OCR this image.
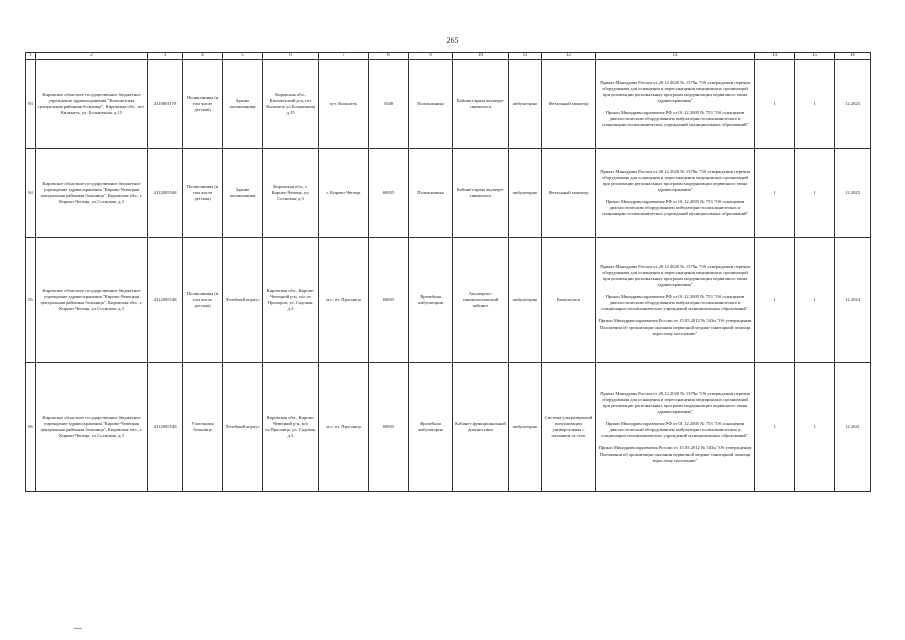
265
1	2	3	4	5	6	7	8	9	10	11	12	13	14	15	16
83	Кировское областное государственное бюджетное учреждение здравоохранения "Кильмезская центральная районная больница", Кировская обл., пгт. Кильмезь, ул. Больничная, д.15	4319001178	Поликлиника (в том числе детская)	Здание поликлиники	Кировская обл., Кильмезский р-н, пгт Кильмезь ул Больничная д.15	пгт. Кильмезь	5048	Поликлиника	Кабинет врача акушера-гинеколога	амбулаторно	Фетальный монитор	Приказ Минздрава России от 28.12.2020 № 1379н "Об утверждении перечня оборудования для оснащения и переоснащения медицинских организаций при реализации региональных программ модернизации первичного звена здравоохранения"
Приказ Минздравсоцразвития РФ от 01.12.2005 № 753 "Об оснащении диагностическим оборудованием амбулаторно-поликлинических и стационарно-поликлинических учреждений муниципальных образований"	1	1	12.2023
84	Кировское областное государственное бюджетное учреждение здравоохранения "Кирово-Чепецкая центральная районная больница", Кировская обл., г. Кирово-Чепецк, ул.Сосновая, д.3	4312005548	Поликлиника (в том числе детская)	Здание поликлиники	Кировская обл., г. Кирово-Чепецк, ул. Сосновая, д.3	г. Кирово-Чепецк	69835	Поликлиника	Кабинет врача акушера-гинеколога	амбулаторно	Фетальный монитор	Приказ Минздрава России от 28.12.2020 № 1379н "Об утверждении перечня оборудования для оснащения и переоснащения медицинских организаций при реализации региональных программ модернизации первичного звена здравоохранения"
Приказ Минздравсоцразвития РФ от 01.12.2005 № 753 "Об оснащении диагностическим оборудованием амбулаторно-поликлинических и стационарно-поликлинических учреждений муниципальных образований"	1	1	12.2025
85	Кировское областное государственное бюджетное учреждение здравоохранения "Кирово-Чепецкая центральная районная больница", Кировская обл., г. Кирово-Чепецк, ул.Сосновая, д.3	4312005548	Поликлиника (в том числе детская)	Лечебный корпус	Кировская обл., Кирово-Чепецкий р-н, м/о пт Прохоров, ул. Садовая, д.3	м.о. пт. Просница	69835	Врачебная амбулатория	Акушерско-гинекологический кабинет	амбулаторно	Кольпоскоп	Приказ Минздрава России от 28.12.2020 № 1379н "Об утверждении перечня оборудования для оснащения и переоснащения медицинских организаций при реализации региональных программ модернизации первичного звена здравоохранения"
Приказ Минздравсоцразвития РФ от 01.12.2005 № 753 "Об оснащении диагностическим оборудованием амбулаторно-поликлинических и стационарно-поликлинических учреждений муниципальных образований".
Приказ Минздравсоцразвития России от 15.05.2012 № 543н "Об утверждении Положения об организации оказания первичной медико-санитарной помощи взрослому населению"	1	1	12.2024
86	Кировское областное государственное бюджетное учреждение здравоохранения "Кирово-Чепецкая центральная районная больница", Кировская обл., г. Кирово-Чепецк, ул.Сосновая, д.3	4312005548	Участковая больница	Лечебный корпус	Кировская обл., Кирово-Чепецкий р-н, м/о пт.Просница, ул. Садовая, д.3	м.о. пт. Просница	69835	Врачебная амбулатория	Кабинет функциональной диагностики	амбулаторно	Система ультразвуковой визуализации универсальная с питанием от сети	Приказ Минздрава России от 28.12.2020 № 1379н "Об утверждении перечня оборудования для оснащения и переоснащения медицинских организаций при реализации региональных программ модернизации первичного звена здравоохранения"
Приказ Минздравсоцразвития РФ от 01.12.2005 № 753 "Об оснащении диагностическим оборудованием амбулаторно-поликлинических и стационарно-поликлинических учреждений муниципальных образований".
Приказ Минздравсоцразвития России от 15.05.2012 № 543н "Об утверждении Положения об организации оказания первичной медико-санитарной помощи взрослому населению"	1	1	12.2021
